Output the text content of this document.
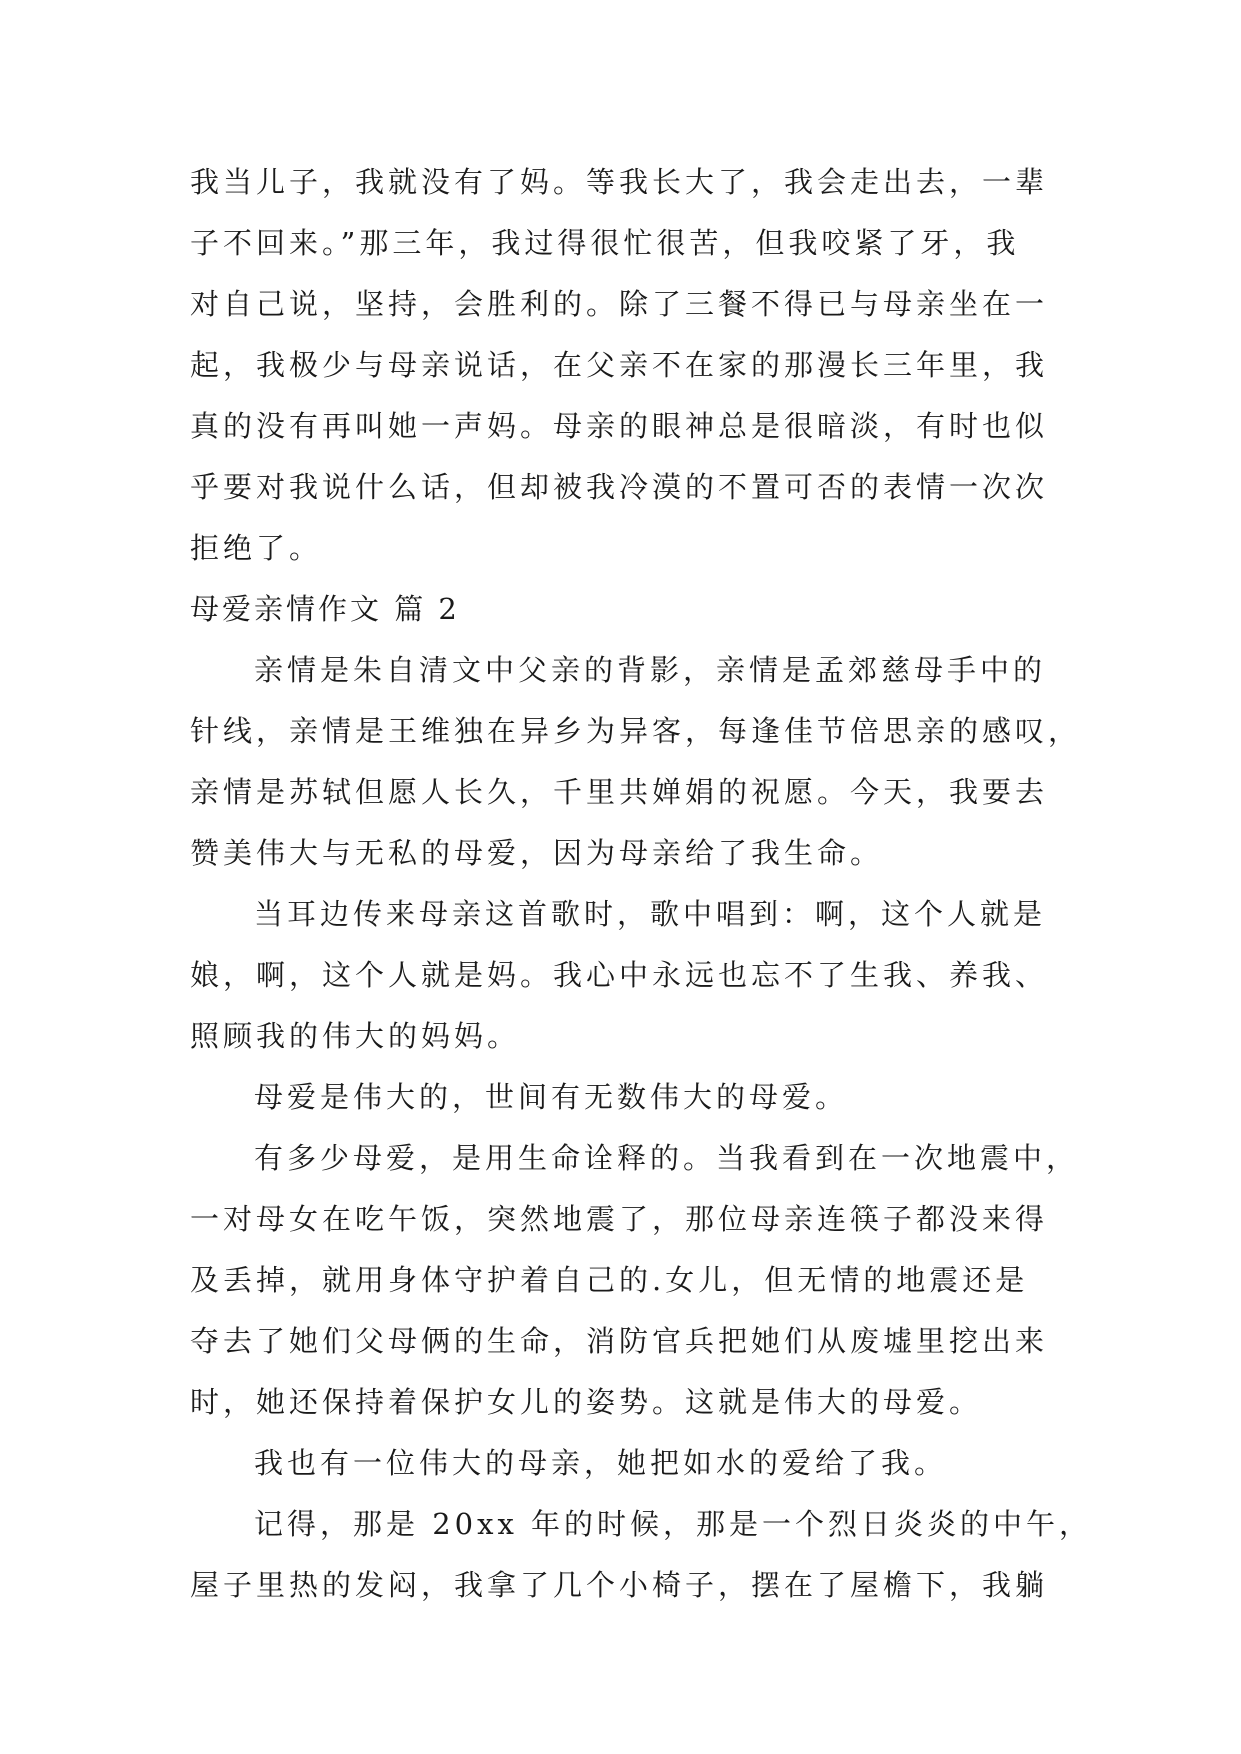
我当儿子，我就没有了妈。等我长大了，我会走出去，一辈
子不回来。”那三年，我过得很忙很苦，但我咬紧了牙，我
对自己说，坚持，会胜利的。除了三餐不得已与母亲坐在一
起，我极少与母亲说话，在父亲不在家的那漫长三年里，我
真的没有再叫她一声妈。母亲的眼神总是很暗淡，有时也似
乎要对我说什么话，但却被我冷漠的不置可否的表情一次次
拒绝了。
母爱亲情作文 篇 2
亲情是朱自清文中父亲的背影，亲情是孟郊慈母手中的
针线，亲情是王维独在异乡为异客，每逢佳节倍思亲的感叹，
亲情是苏轼但愿人长久，千里共婵娟的祝愿。今天，我要去
赞美伟大与无私的母爱，因为母亲给了我生命。
当耳边传来母亲这首歌时，歌中唱到：啊，这个人就是
娘，啊，这个人就是妈。我心中永远也忘不了生我、养我、
照顾我的伟大的妈妈。
母爱是伟大的，世间有无数伟大的母爱。
有多少母爱，是用生命诠释的。当我看到在一次地震中，
一对母女在吃午饭，突然地震了，那位母亲连筷子都没来得
及丢掉，就用身体守护着自己的.女儿，但无情的地震还是
夺去了她们父母俩的生命，消防官兵把她们从废墟里挖出来
时，她还保持着保护女儿的姿势。这就是伟大的母爱。
我也有一位伟大的母亲，她把如水的爱给了我。
记得，那是 20xx 年的时候，那是一个烈日炎炎的中午，
屋子里热的发闷，我拿了几个小椅子，摆在了屋檐下，我躺
